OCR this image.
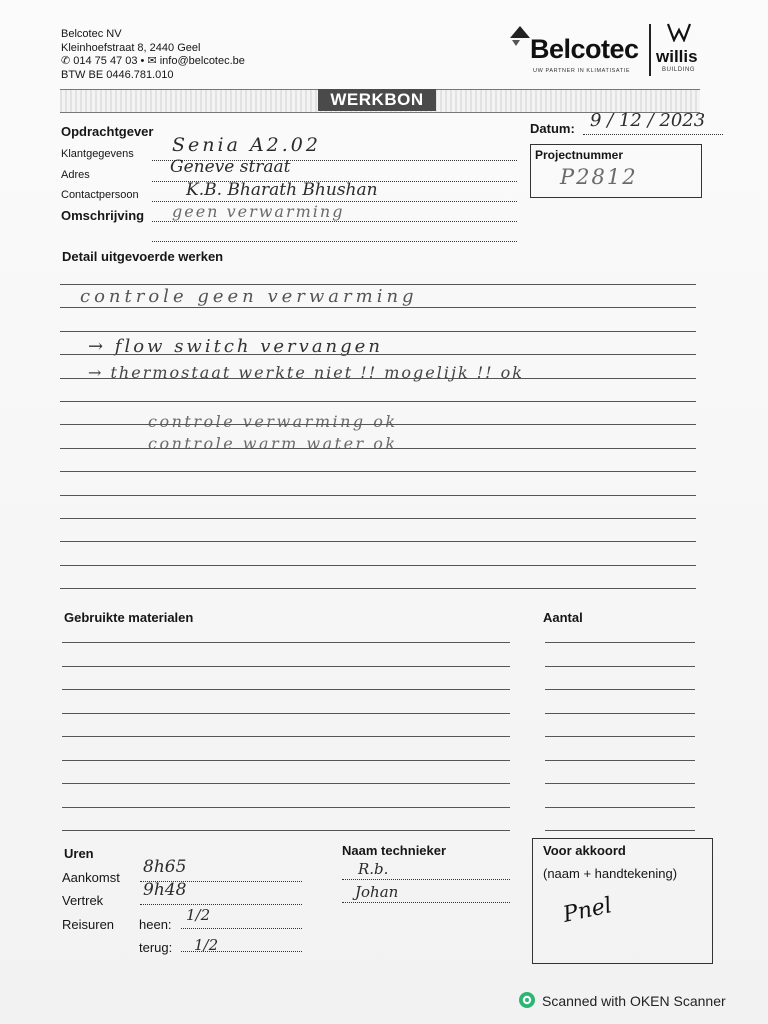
Belcotec NV
Kleinhoefstraat 8, 2440 Geel
✆ 014 75 47 03 • ✉ info@belcotec.be
BTW BE 0446.781.010
Belcotec
UW PARTNER IN KLIMATISATIE
willis
BUILDING
WERKBON
Opdrachtgever
Klantgegevens
Adres
Contactpersoon
Omschrijving
Senia A2.02
Geneve straat
K.B. Bharath Bhushan
geen verwarming
Datum: 9 / 12 / 2023
Projectnummer
P2812
Detail uitgevoerde werken
controle geen verwarming
→ flow switch vervangen
→ thermostaat werkte niet !! mogelijk !! ok
controle verwarming ok
controle warm water ok
Gebruikte materialen	Aantal
Uren
Aankomst
Vertrek
Reisuren heen:
terug:
8h65
9h48
1/2
1/2
Naam technieker
R.b.
Johan
Voor akkoord
(naam + handtekening)
Pnel
Scanned with OKEN Scanner
